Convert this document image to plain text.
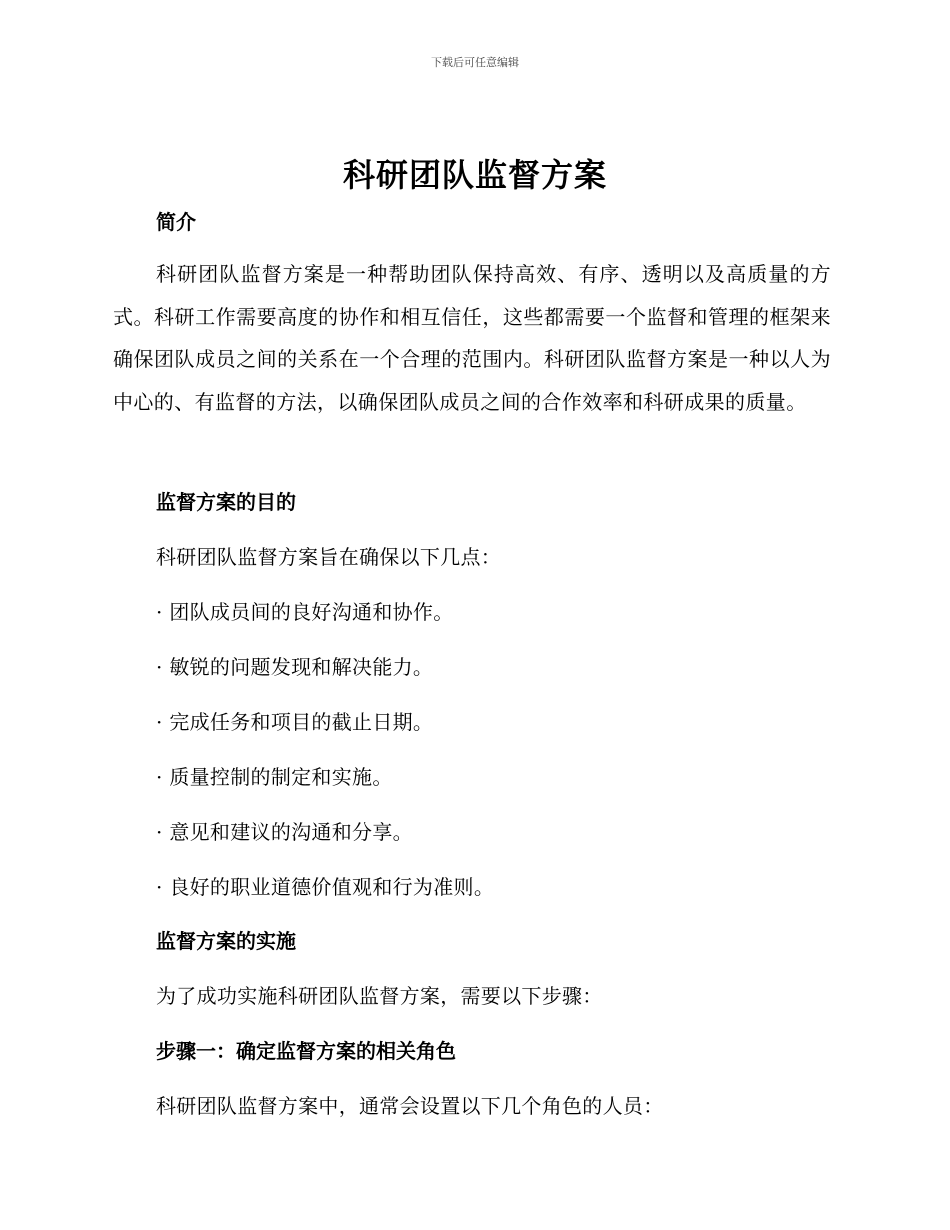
下载后可任意编辑
科研团队监督方案
简介
科研团队监督方案是一种帮助团队保持高效、有序、透明以及高质量的方式。科研工作需要高度的协作和相互信任，这些都需要一个监督和管理的框架来确保团队成员之间的关系在一个合理的范围内。科研团队监督方案是一种以人为中心的、有监督的方法，以确保团队成员之间的合作效率和科研成果的质量。
监督方案的目的
科研团队监督方案旨在确保以下几点：
· 团队成员间的良好沟通和协作。
· 敏锐的问题发现和解决能力。
· 完成任务和项目的截止日期。
· 质量控制的制定和实施。
· 意见和建议的沟通和分享。
· 良好的职业道德价值观和行为准则。
监督方案的实施
为了成功实施科研团队监督方案，需要以下步骤：
步骤一：确定监督方案的相关角色
科研团队监督方案中，通常会设置以下几个角色的人员：
